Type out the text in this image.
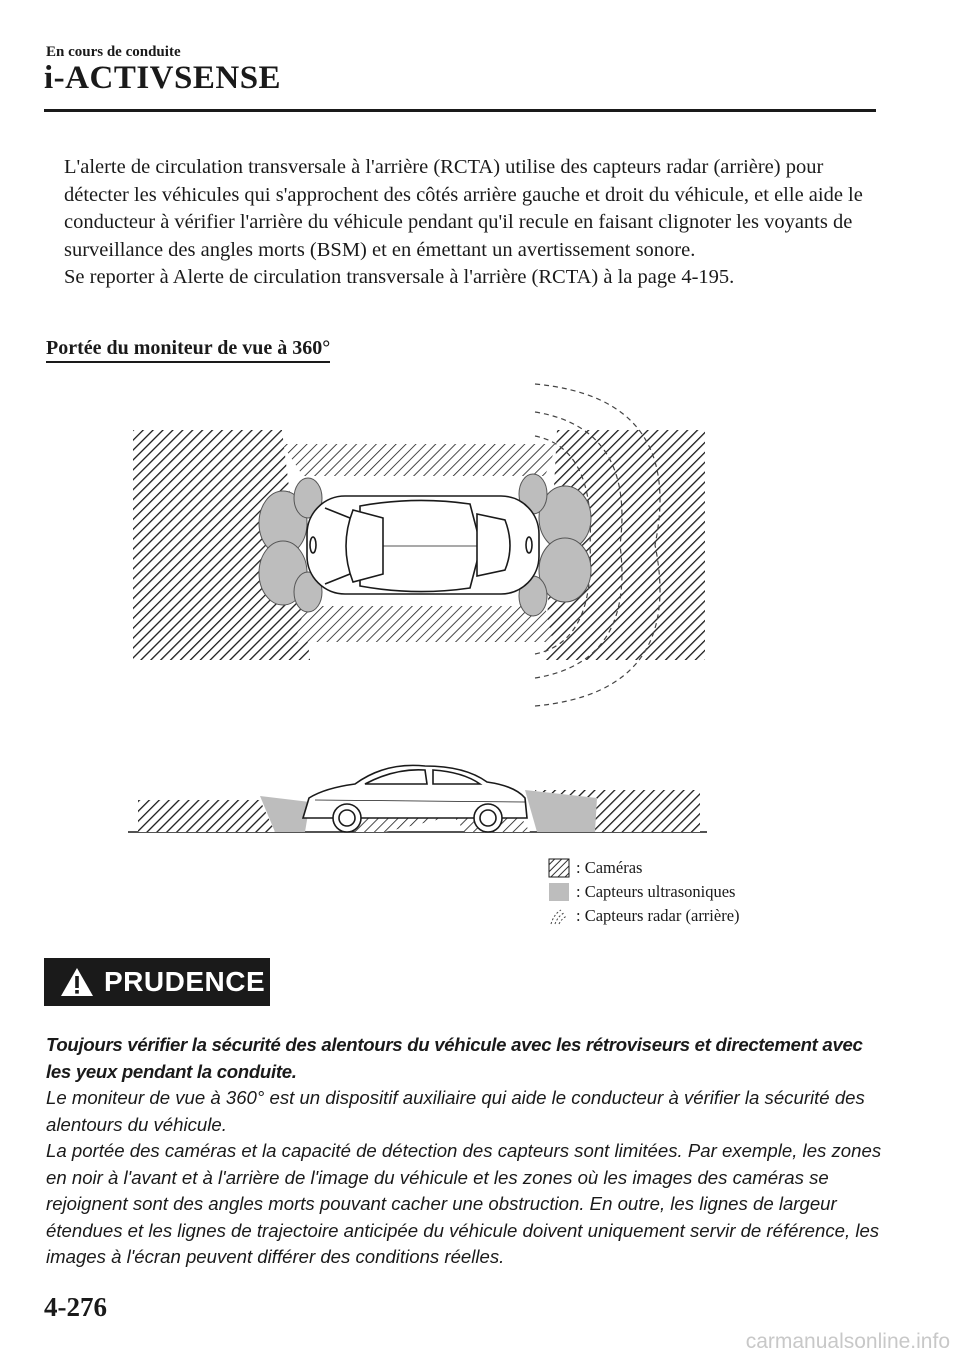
En cours de conduite
i-ACTIVSENSE

L'alerte de circulation transversale à l'arrière (RCTA) utilise des capteurs radar (arrière) pour détecter les véhicules qui s'approchent des côtés arrière gauche et droit du véhicule, et elle aide le conducteur à vérifier l'arrière du véhicule pendant qu'il recule en faisant clignoter les voyants de surveillance des angles morts (BSM) et en émettant un avertissement sonore.

Se reporter à Alerte de circulation transversale à l'arrière (RCTA) à la page 4-195.

Portée du moniteur de vue à 360°
: Caméras
: Capteurs ultrasoniques
: Capteurs radar (arrière)
PRUDENCE

Toujours vérifier la sécurité des alentours du véhicule avec les rétroviseurs et directement avec les yeux pendant la conduite.

Le moniteur de vue à 360° est un dispositif auxiliaire qui aide le conducteur à vérifier la sécurité des alentours du véhicule.

La portée des caméras et la capacité de détection des capteurs sont limitées. Par exemple, les zones en noir à l'avant et à l'arrière de l'image du véhicule et les zones où les images des caméras se rejoignent sont des angles morts pouvant cacher une obstruction. En outre, les lignes de largeur étendues et les lignes de trajectoire anticipée du véhicule doivent uniquement servir de référence, les images à l'écran peuvent différer des conditions réelles.

4-276
carmanualsonline.info
